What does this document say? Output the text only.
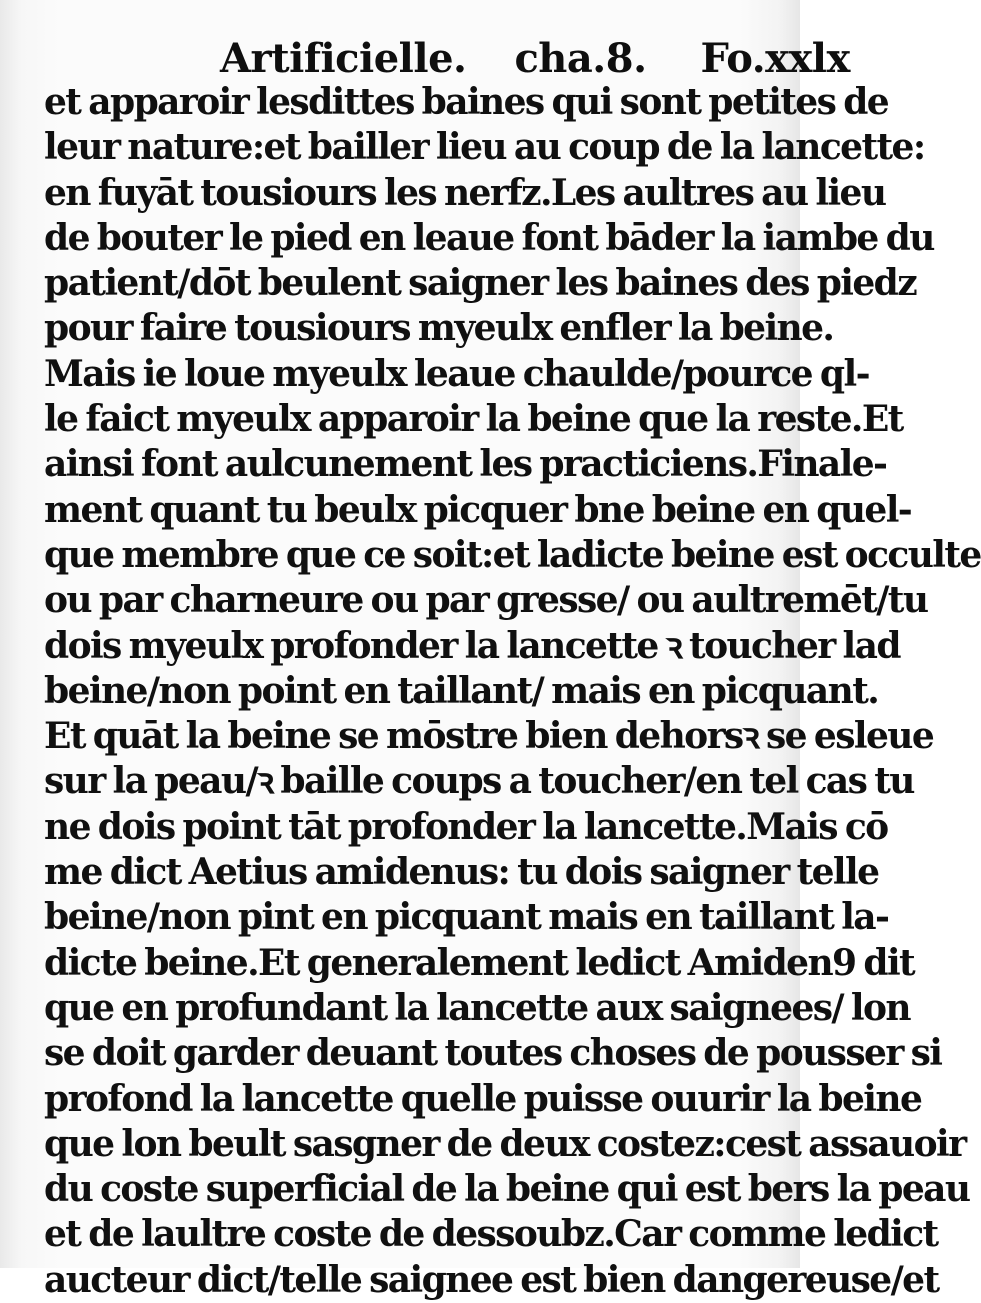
Artificielle. cha.8. Fo.xxlx
et apparoir lesdittes baines qui sont petites de
leur nature:et bailler lieu au coup de la lancette:
en fuyāt tousiours les nerfz.Les aultres au lieu
de bouter le pied en leaue font bāder la iambe du
patient/dōt beulent saigner les baines des piedz
pour faire tousiours myeulx enfler la beine.
Mais ie loue myeulx leaue chaulde/pource ql-
le faict myeulx apparoir la beine que la reste.Et
ainsi font aulcunement les practiciens.Finale-
ment quant tu beulx picquer bne beine en quel-
que membre que ce soit:et ladicte beine est occulte
ou par charneure ou par gresse/ ou aultremēt/tu
dois myeulx profonder la lancette ꝛ toucher lad
beine/non point en taillant/ mais en picquant.
Et quāt la beine se mōstre bien dehorsꝛ se esleue
sur la peau/ꝛ baille coups a toucher/en tel cas tu
ne dois point tāt profonder la lancette.Mais cō
me dict Aetius amidenus: tu dois saigner telle
beine/non pint en picquant mais en taillant la-
dicte beine.Et generalement ledict Amiden9 dit
que en profundant la lancette aux saignees/ lon
se doit garder deuant toutes choses de pousser si
profond la lancette quelle puisse ouurir la beine
que lon beult sasgner de deux costez:cest assauoir
du coste superficial de la beine qui est bers la peau
et de laultre coste de dessoubz.Car comme ledict
aucteur dict/telle saignee est bien dangereuse/et
